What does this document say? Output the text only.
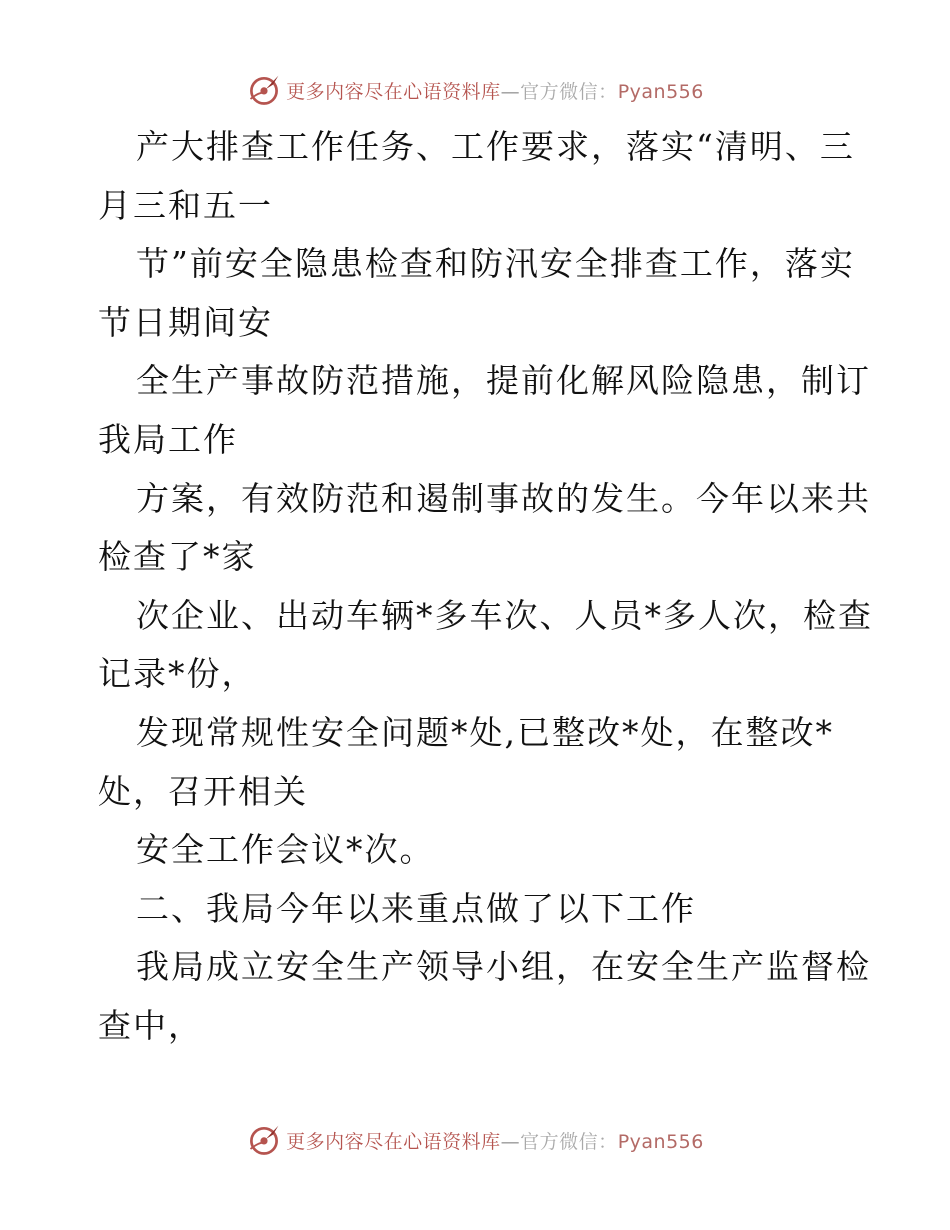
更多内容尽在心语资料库—官方微信：Pyan556
产大排查工作任务、工作要求，落实“清明、三
月三和五一
节”前安全隐患检查和防汛安全排查工作，落实
节日期间安
全生产事故防范措施，提前化解风险隐患，制订
我局工作
方案，有效防范和遏制事故的发生。今年以来共
检查了*家
次企业、出动车辆*多车次、人员*多人次，检查
记录*份，
发现常规性安全问题*处,已整改*处，在整改*
处，召开相关
安全工作会议*次。
二、我局今年以来重点做了以下工作
我局成立安全生产领导小组，在安全生产监督检
查中，
更多内容尽在心语资料库—官方微信：Pyan556
